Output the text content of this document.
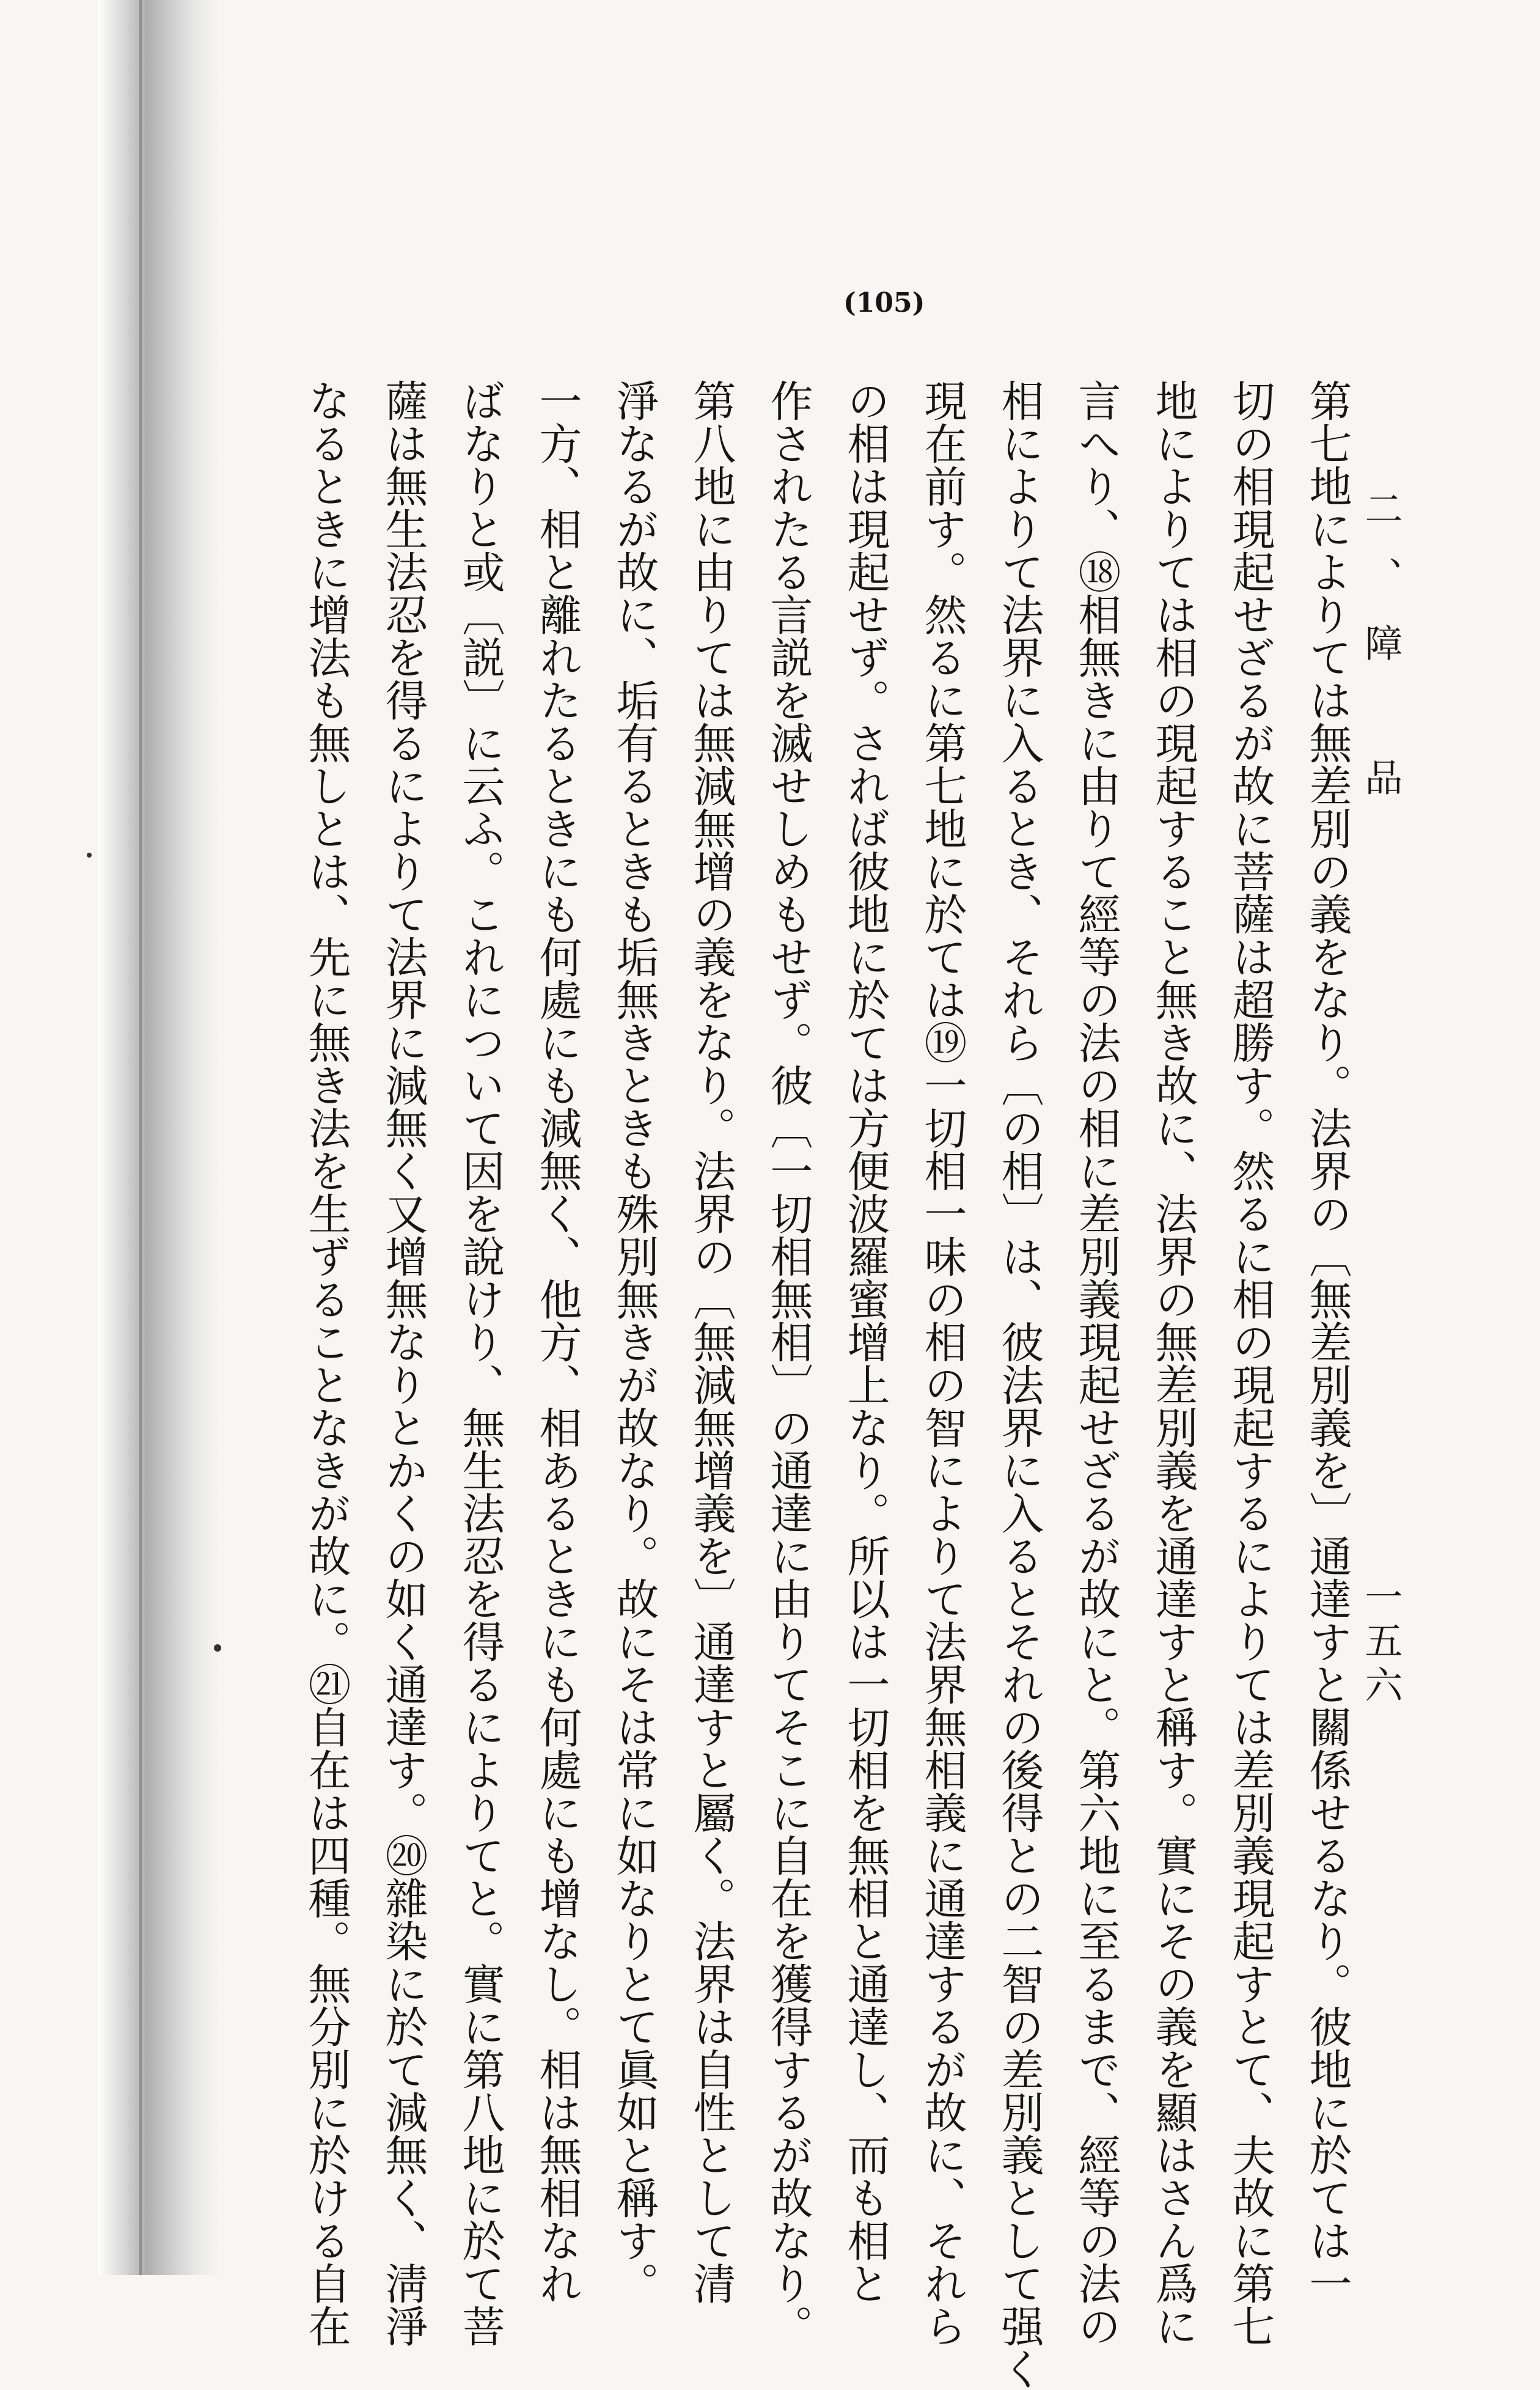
二、障　品
一五六
(105)
第七地によりては無差別の義をなり。法界の〔無差別義を〕通達すと關係せるなり。彼地に於ては一
切の相現起せざるが故に菩薩は超勝す。然るに相の現起するによりては差別義現起すとて、夫故に第七
地によりては相の現起すること無き故に、法界の無差別義を通達すと稱す。實にその義を顯はさん爲に
言へり、⑱相無きに由りて經等の法の相に差別義現起せざるが故にと。第六地に至るまで、經等の法の
相によりて法界に入るとき、それら〔の相〕は、彼法界に入るとそれの後得との二智の差別義として强く
現在前す。然るに第七地に於ては⑲一切相一味の相の智によりて法界無相義に通達するが故に、それら
の相は現起せず。されば彼地に於ては方便波羅蜜增上なり。所以は一切相を無相と通達し、而も相と
作されたる言説を滅せしめもせず。彼〔一切相無相〕の通達に由りてそこに自在を獲得するが故なり。
第八地に由りては無減無增の義をなり。法界の〔無減無增義を〕通達すと屬く。法界は自性として清
淨なるが故に、垢有るときも垢無きときも殊別無きが故なり。故にそは常に如なりとて眞如と稱す。
一方、相と離れたるときにも何處にも減無く、他方、相あるときにも何處にも增なし。相は無相なれ
ばなりと或〔説〕に云ふ。これについて因を說けり、無生法忍を得るによりてと。實に第八地に於て菩
薩は無生法忍を得るによりて法界に減無く又增無なりとかくの如く通達す。⑳雜染に於て減無く、淸淨
なるときに增法も無しとは、先に無き法を生ずることなきが故に。㉑自在は四種。無分別に於ける自在
